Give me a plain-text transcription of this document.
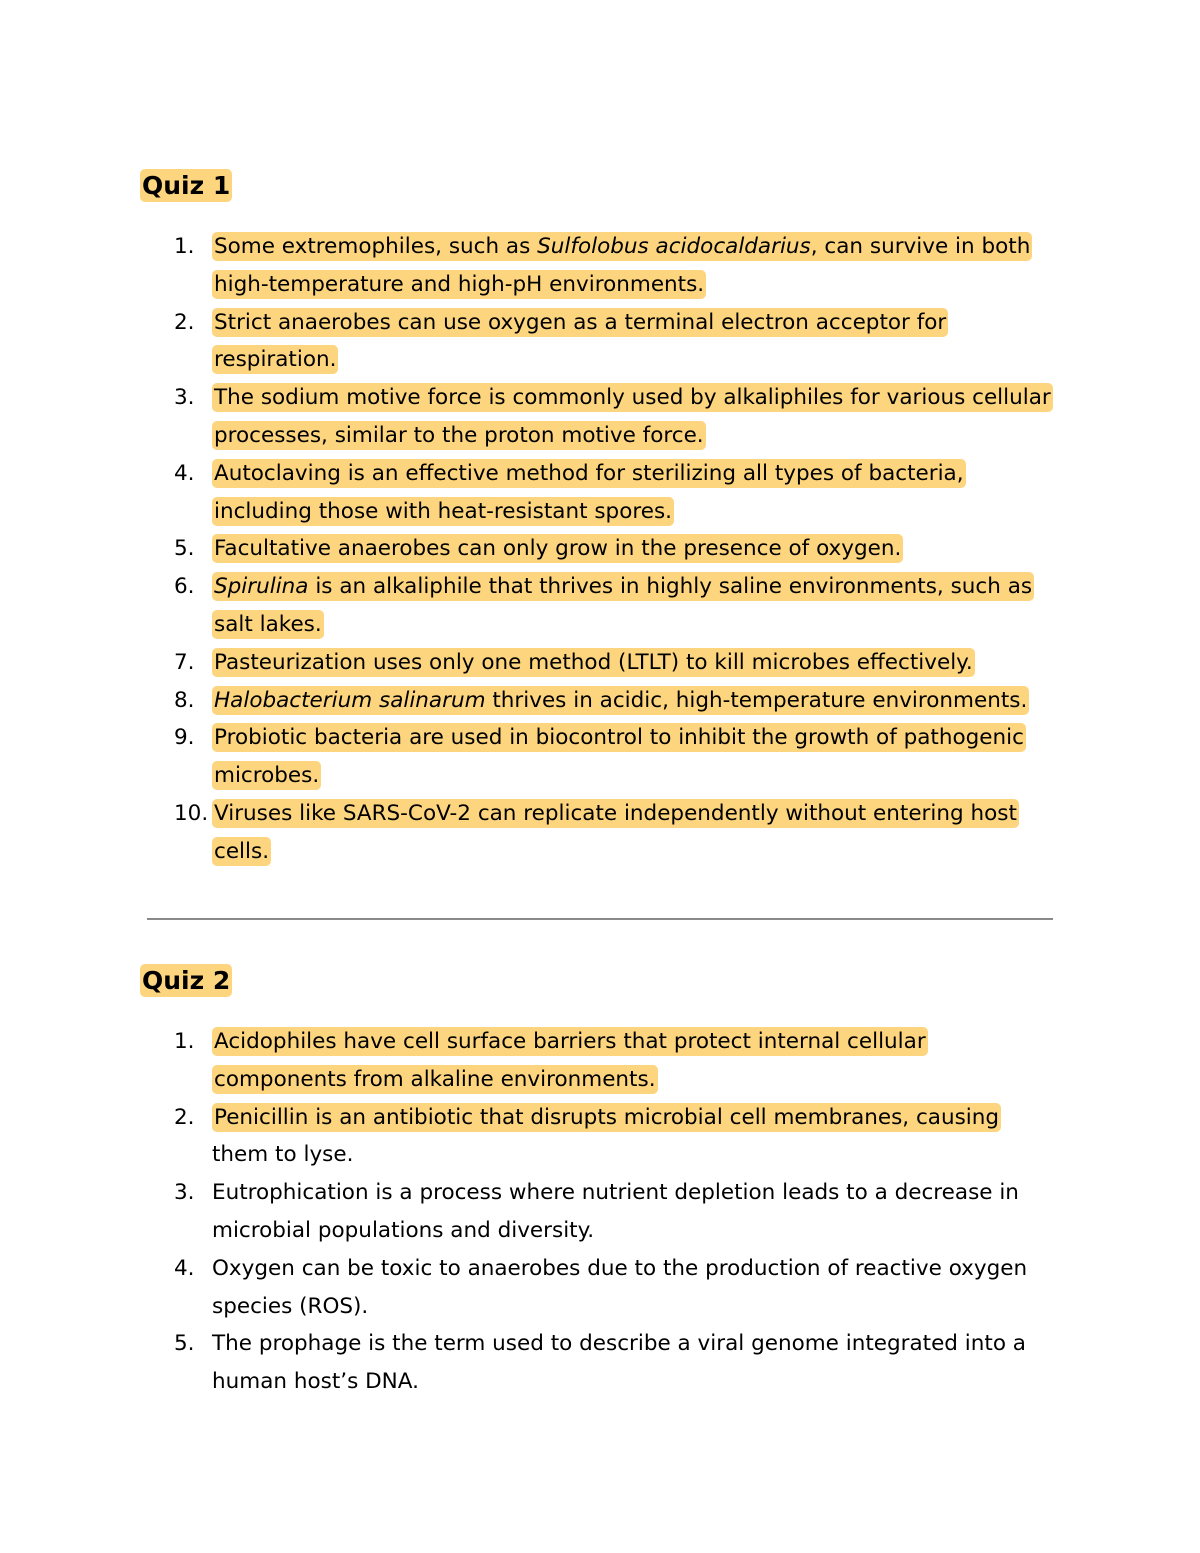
Quiz 1
1. Some extremophiles, such as Sulfolobus acidocaldarius, can survive in both high-temperature and high-pH environments.
2. Strict anaerobes can use oxygen as a terminal electron acceptor for respiration.
3. The sodium motive force is commonly used by alkaliphiles for various cellular processes, similar to the proton motive force.
4. Autoclaving is an effective method for sterilizing all types of bacteria, including those with heat-resistant spores.
5. Facultative anaerobes can only grow in the presence of oxygen.
6. Spirulina is an alkaliphile that thrives in highly saline environments, such as salt lakes.
7. Pasteurization uses only one method (LTLT) to kill microbes effectively.
8. Halobacterium salinarum thrives in acidic, high-temperature environments.
9. Probiotic bacteria are used in biocontrol to inhibit the growth of pathogenic microbes.
10. Viruses like SARS-CoV-2 can replicate independently without entering host cells.
Quiz 2
1. Acidophiles have cell surface barriers that protect internal cellular components from alkaline environments.
2. Penicillin is an antibiotic that disrupts microbial cell membranes, causing them to lyse.
3. Eutrophication is a process where nutrient depletion leads to a decrease in microbial populations and diversity.
4. Oxygen can be toxic to anaerobes due to the production of reactive oxygen species (ROS).
5. The prophage is the term used to describe a viral genome integrated into a human host’s DNA.
